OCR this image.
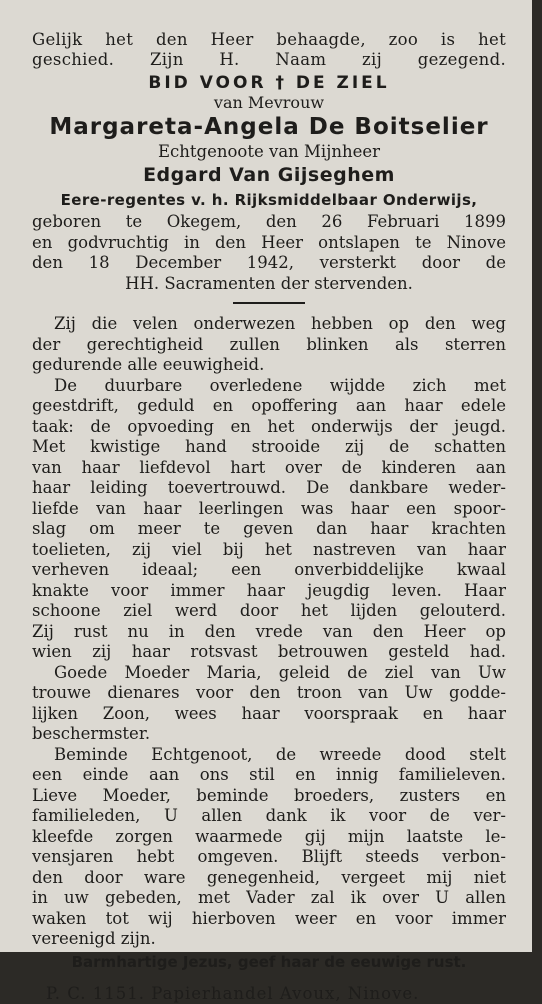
Gelijk het den Heer behaagde, zoo is het
geschied. Zijn H. Naam zij gezegend.
BID VOOR † DE ZIEL
van Mevrouw
Margareta-Angela De Boitselier
Echtgenoote van Mijnheer
Edgard Van Gijseghem
Eere-regentes v. h. Rijksmiddelbaar Onderwijs,
geboren te Okegem, den 26 Februari 1899
en godvruchtig in den Heer ontslapen te Ninove
den 18 December 1942, versterkt door de
HH. Sacramenten der stervenden.
Zij die velen onderwezen hebben op den weg
der gerechtigheid zullen blinken als sterren
gedurende alle eeuwigheid.
De duurbare overledene wijdde zich met
geestdrift, geduld en opoffering aan haar edele
taak: de opvoeding en het onderwijs der jeugd.
Met kwistige hand strooide zij de schatten
van haar liefdevol hart over de kinderen aan
haar leiding toevertrouwd. De dankbare weder-
liefde van haar leerlingen was haar een spoor-
slag om meer te geven dan haar krachten
toelieten, zij viel bij het nastreven van haar
verheven ideaal; een onverbiddelijke kwaal
knakte voor immer haar jeugdig leven. Haar
schoone ziel werd door het lijden gelouterd.
Zij rust nu in den vrede van den Heer op
wien zij haar rotsvast betrouwen gesteld had.
Goede Moeder Maria, geleid de ziel van Uw
trouwe dienares voor den troon van Uw godde-
lijken Zoon, wees haar voorspraak en haar
beschermster.
Beminde Echtgenoot, de wreede dood stelt
een einde aan ons stil en innig familieleven.
Lieve Moeder, beminde broeders, zusters en
familieleden, U allen dank ik voor de ver-
kleefde zorgen waarmede gij mijn laatste le-
vensjaren hebt omgeven. Blijft steeds verbon-
den door ware genegenheid, vergeet mij niet
in uw gebeden, met Vader zal ik over U allen
waken tot wij hierboven weer en voor immer
vereenigd zijn.
Barmhartige Jezus, geef haar de eeuwige rust.
P. C. 1151. Papierhandel Avoux, Ninove.
